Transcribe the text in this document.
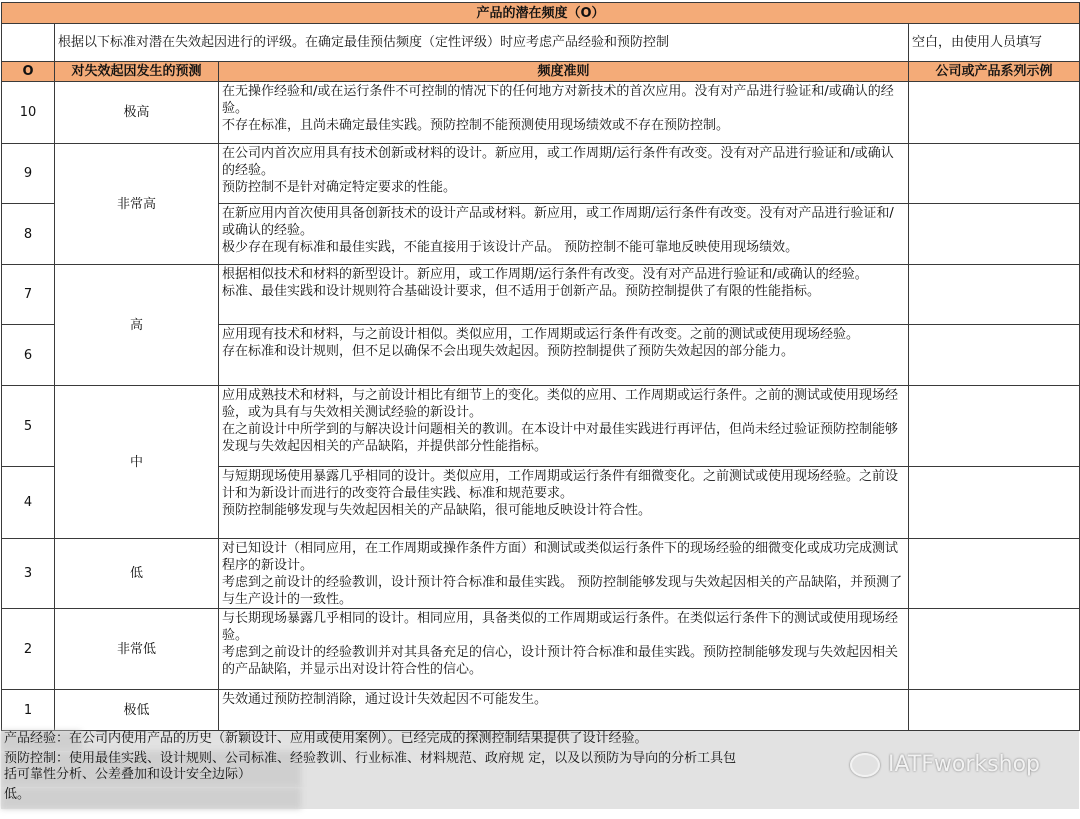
产品的潜在频度（O）			
	根据以下标准对潜在失效起因进行的评级。在确定最佳预估频度（定性评级）时应考虑产品经验和预防控制		空白，由使用人员填写
O	对失效起因发生的预测	频度准则	公司或产品系列示例
10	极高	在无操作经验和/或在运行条件不可控制的情况下的任何地方对新技术的首次应用。没有对产品进行验证和/或确认的经验。
不存在标准，且尚未确定最佳实践。预防控制不能预测使用现场绩效或不存在预防控制。	

9	非常高	在公司内首次应用具有技术创新或材料的设计。新应用，或工作周期/运行条件有改变。没有对产品进行验证和/或确认的经验。
预防控制不是针对确定特定要求的性能。	

8		在新应用内首次使用具备创新技术的设计产品或材料。新应用，或工作周期/运行条件有改变。没有对产品进行验证和/或确认的经验。
极少存在现有标准和最佳实践，不能直接用于该设计产品。 预防控制不能可靠地反映使用现场绩效。	

7	高	根据相似技术和材料的新型设计。新应用，或工作周期/运行条件有改变。没有对产品进行验证和/或确认的经验。
标准、最佳实践和设计规则符合基础设计要求，但不适用于创新产品。预防控制提供了有限的性能指标。	

6		应用现有技术和材料，与之前设计相似。类似应用，工作周期或运行条件有改变。之前的测试或使用现场经验。
存在标准和设计规则，但不足以确保不会出现失效起因。预防控制提供了预防失效起因的部分能力。	

5	中	应用成熟技术和材料，与之前设计相比有细节上的变化。类似的应用、工作周期或运行条件。之前的测试或使用现场经验，或为具有与失效相关测试经验的新设计。
在之前设计中所学到的与解决设计问题相关的教训。在本设计中对最佳实践进行再评估，但尚未经过验证预防控制能够发现与失效起因相关的产品缺陷，并提供部分性能指标。	

4		与短期现场使用暴露几乎相同的设计。类似应用，工作周期或运行条件有细微变化。之前测试或使用现场经验。之前设计和为新设计而进行的改变符合最佳实践、标准和规范要求。
预防控制能够发现与失效起因相关的产品缺陷，很可能地反映设计符合性。	

3	低	对已知设计（相同应用，在工作周期或操作条件方面）和测试或类似运行条件下的现场经验的细微变化或成功完成测试程序的新设计。
考虑到之前设计的经验教训，设计预计符合标准和最佳实践。 预防控制能够发现与失效起因相关的产品缺陷，并预测了与生产设计的一致性。	

2	非常低	与长期现场暴露几乎相同的设计。相同应用，具备类似的工作周期或运行条件。在类似运行条件下的测试或使用现场经验。
考虑到之前设计的经验教训并对其具备充足的信心，设计预计符合标准和最佳实践。预防控制能够发现与失效起因相关的产品缺陷，并显示出对设计符合性的信心。	

1	极低	失效通过预防控制消除，通过设计失效起因不可能发生。	

产品经验：在公司内使用产品的历史（新颖设计、应用或使用案例）。已经完成的探测控制结果提供了设计经验。
预防控制：使用最佳实践、设计规则、公司标准、经验教训、行业标准、材料规范、政府规 定，以及以预防为导向的分析工具包
括可靠性分析、公差叠加和设计安全边际）
低。
IATFworkshop
